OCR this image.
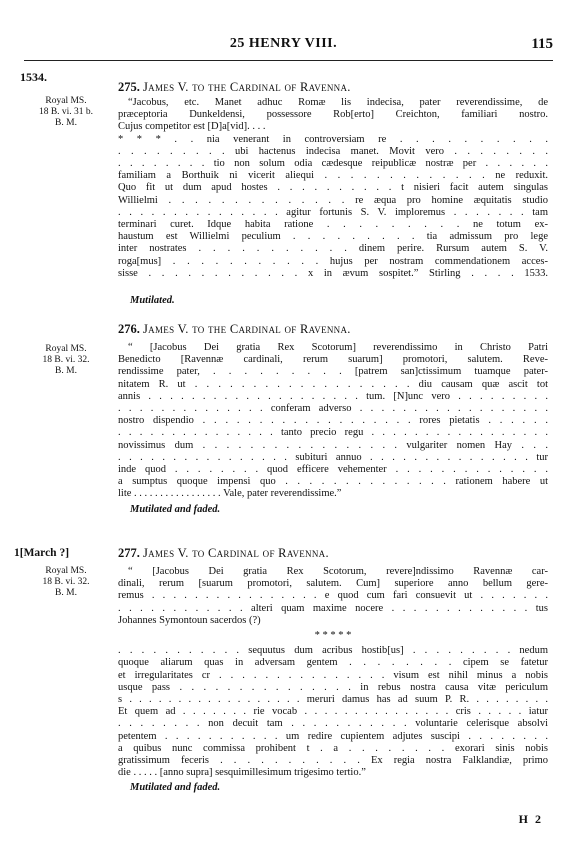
25 HENRY VIII.	115
1534.
275. James V. to the Cardinal of Ravenna.
Royal MS.
18 B. vi. 31 b.
B. M.

“Jacobus, etc. Manet adhuc Romæ lis indecisa, pater reverendissime, de

præceptoria Dunkeldensi, possessore Rob[erto] Creichton, familiari nostro.

Cujus competitor est [D]a[vid]. . . .

* * * . . nia venerant in controversiam re . . . . . . . . . .

. . . . . . . . . ubi hactenus indecisa manet. Movit vero . . . . . . . .

. . . . . . . . tio non solum odia cædesque reipublicæ nostræ per . . . . . .

familiam a Borthuik ni vicerit aliequi . . . . . . . . . . . . . ne reduxit.

Quo fit ut dum apud hostes . . . . . . . . . . t nisieri facit autem singulas

Willielmi . . . . . . . . . . . . . . re æqua pro homine æquitatis studio

. . . . . . . . . . . . . . . agitur fortunis S. V. imploremus . . . . . . . tam

terminari curet. Idque habita ratione . . . . . . . . . ne totum ex-

haustum est Willielmi peculium . . . . . . . . . tia admissum pro lege

inter nostrates . . . . . . . . . . . dinem perire. Rursum autem S. V.

roga[mus] . . . . . . . . . . . hujus per nostram commendationem acces-

sisse . . . . . . . . . . . . x in ævum sospitet.” Stirling . . . . 1533.

Mutilated.
276. James V. to the Cardinal of Ravenna.
Royal MS.
18 B. vi. 32.
B. M.

“ [Jacobus Dei gratia Rex Scotorum] reverendissimo in Christo Patri

Benedicto [Ravennæ cardinali, rerum suarum] promotori, salutem. Reve-

rendissime pater, . . . . . . . . . [patrem san]ctissimum tuamque pater-

nitatem R. ut . . . . . . . . . . . . . . . . . . . diu causam quæ ascit tot

annis . . . . . . . . . . . . . . . . . . . . tum. [N]unc vero . . . . . . . . .

. . . . . . . . . . . . . . conferam adverso . . . . . . . . . . . . . . . . . .

nostro dispendio . . . . . . . . . . . . . . . . . . . rores pietatis . . . . . .

. . . . . . . . . . . . . . . tanto precio regu . . . . . . . . . . . . . . . . .

novissimus dum . . . . . . . . . . . . . . . . . vulgariter nomen Hay . . .

. . . . . . . . . . . . . . . . subituri annuo . . . . . . . . . . . . . . . tur

inde quod . . . . . . . . quod efficere vehementer . . . . . . . . . . . . . .

a sumptus quoque impensi quo . . . . . . . . . . . . . . rationem habere ut

lite . . . . . . . . . . . . . . . . . Vale, pater reverendissime.”

Mutilated and faded.
1[March ?]	277. James V. to Cardinal of Ravenna.
Royal MS.
18 B. vi. 32.
B. M.

“ [Jacobus Dei gratia Rex Scotorum, revere]ndissimo Ravennæ car-

dinali, rerum [suarum promotori, salutem. Cum] superiore anno bellum gere-

remus . . . . . . . . . . . . . . . . e quod cum fari consuevit ut . . . . . . .

. . . . . . . . . . . . alteri quam maxime nocere . . . . . . . . . . . . . tus

Johannes Symontoun sacerdos (?)

* * * * *

. . . . . . . . . . . sequutus dum acribus hostib[us] . . . . . . . . . nedum

quoque aliarum quas in adversam gentem . . . . . . . . cipem se fatetur

et irregularitates cr . . . . . . . . . . . . . . . visum est nihil minus a nobis

usque pass . . . . . . . . . . . . . . . in rebus nostra causa vitæ periculum

s . . . . . . . . . . . . . . . . . . meruri damus has ad suum P. R. . . . . . . . .

Et quem ad . . . . . . . rie vocab . . . . . . . . . . . . . . . cris . . . . . iatur

. . . . . . . . non decuit tam . . . . . . . . . . . voluntarie celerisque absolvi

petentem . . . . . . . . . . . um redire cupientem adjutes suscipi . . . . . . . .

a quibus nunc commissa prohibent t . a . . . . . . . . exorari sinis nobis

gratissimum feceris . . . . . . . . . . . Ex regia nostra Falklandiæ, primo

die . . . . . [anno supra] sesquimillesimum trigesimo tertio.”

Mutilated and faded.
H 2
